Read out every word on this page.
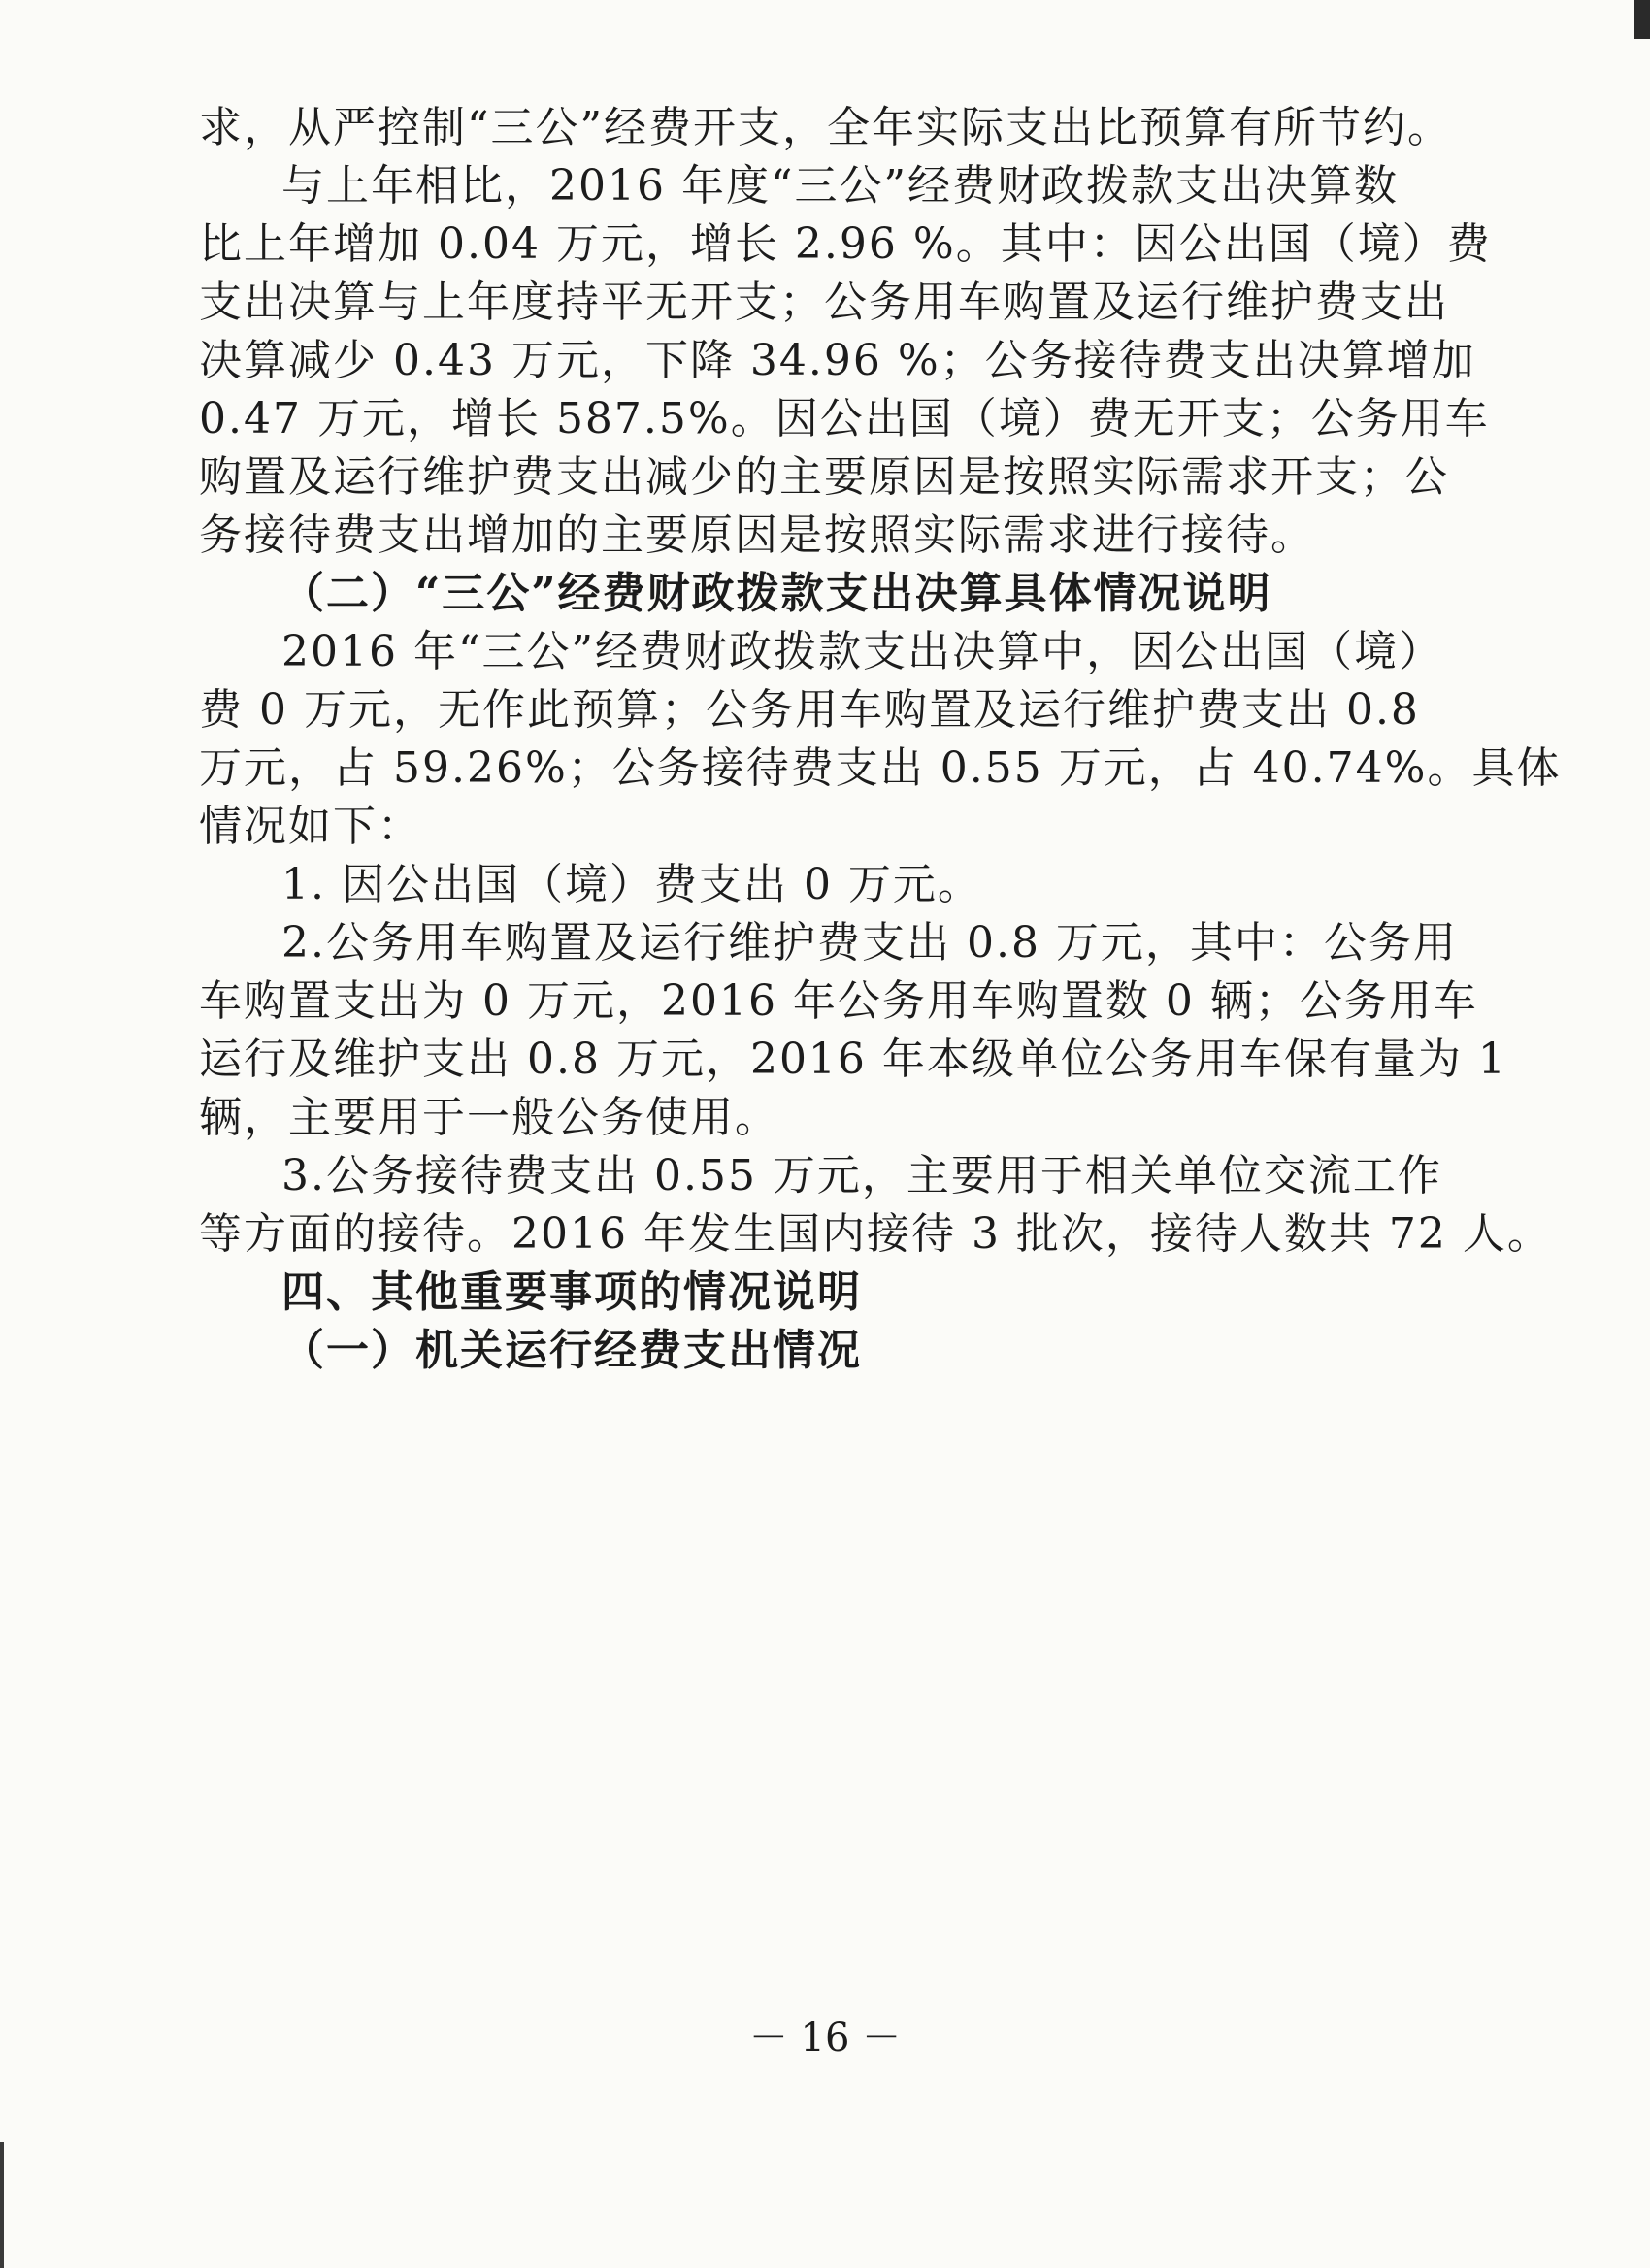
求，从严控制“三公”经费开支，全年实际支出比预算有所节约。
与上年相比，2016 年度“三公”经费财政拨款支出决算数
比上年增加 0.04 万元，增长 2.96 %。其中：因公出国（境）费
支出决算与上年度持平无开支；公务用车购置及运行维护费支出
决算减少 0.43 万元，下降 34.96 %；公务接待费支出决算增加
0.47 万元，增长 587.5%。因公出国（境）费无开支；公务用车
购置及运行维护费支出减少的主要原因是按照实际需求开支；公
务接待费支出增加的主要原因是按照实际需求进行接待。
（二）“三公”经费财政拨款支出决算具体情况说明
2016 年“三公”经费财政拨款支出决算中，因公出国（境）
费 0 万元，无作此预算；公务用车购置及运行维护费支出 0.8
万元，占 59.26%；公务接待费支出 0.55 万元，占 40.74%。具体
情况如下：
1. 因公出国（境）费支出 0 万元。
2.公务用车购置及运行维护费支出 0.8 万元，其中：公务用
车购置支出为 0 万元，2016 年公务用车购置数 0 辆；公务用车
运行及维护支出 0.8 万元，2016 年本级单位公务用车保有量为 1
辆，主要用于一般公务使用。
3.公务接待费支出 0.55 万元，主要用于相关单位交流工作
等方面的接待。2016 年发生国内接待 3 批次，接待人数共 72 人。
四、其他重要事项的情况说明
（一）机关运行经费支出情况
－ 16 －
